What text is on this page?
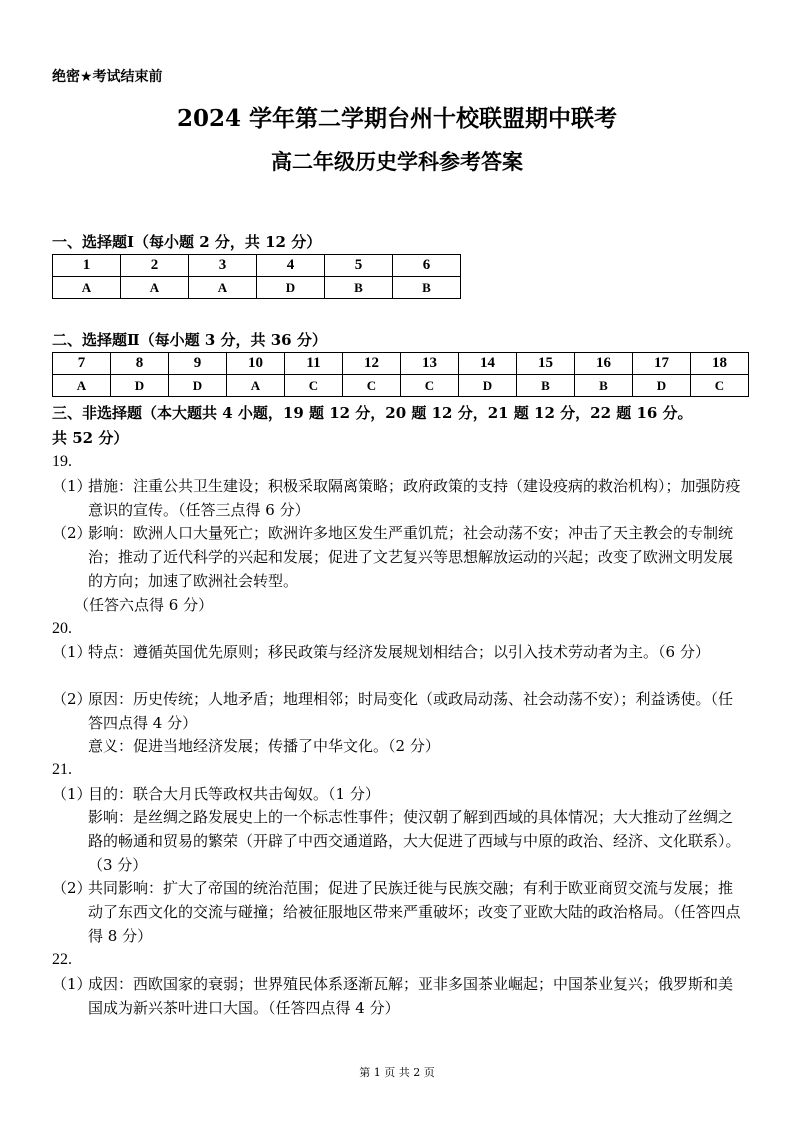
绝密★考试结束前
2024 学年第二学期台州十校联盟期中联考
高二年级历史学科参考答案
一、选择题Ⅰ（每小题 2 分，共 12 分）
1	2	3	4	5	6
A	A	A	D	B	B
二、选择题Ⅱ（每小题 3 分，共 36 分）
7	8	9	10	11	12	13	14	15	16	17	18
A	D	D	A	C	C	C	D	B	B	D	C
三、非选择题（本大题共 4 小题，19 题 12 分，20 题 12 分，21 题 12 分，22 题 16 分。
共 52 分）
19.
（1）
措施：注重公共卫生建设；积极采取隔离策略；政府政策的支持（建设疫病的救治机构）；加强防疫意识的宣传。（任答三点得 6 分）
（2）
影响：欧洲人口大量死亡；欧洲许多地区发生严重饥荒；社会动荡不安；冲击了天主教会的专制统治；推动了近代科学的兴起和发展；促进了文艺复兴等思想解放运动的兴起；改变了欧洲文明发展的方向；加速了欧洲社会转型。
（任答六点得 6 分）
20.
（1）
特点：遵循英国优先原则；移民政策与经济发展规划相结合；以引入技术劳动者为主。（6 分）
（2）
原因：历史传统；人地矛盾；地理相邻；时局变化（或政局动荡、社会动荡不安）；利益诱使。（任答四点得 4 分）
意义：促进当地经济发展；传播了中华文化。（2 分）
21.
（1）
目的：联合大月氏等政权共击匈奴。（1 分）
影响：是丝绸之路发展史上的一个标志性事件；使汉朝了解到西域的具体情况；大大推动了丝绸之路的畅通和贸易的繁荣（开辟了中西交通道路，大大促进了西域与中原的政治、经济、文化联系）。（3 分）
（2）
共同影响：扩大了帝国的统治范围；促进了民族迁徙与民族交融；有利于欧亚商贸交流与发展；推动了东西文化的交流与碰撞；给被征服地区带来严重破坏；改变了亚欧大陆的政治格局。（任答四点得 8 分）
22.
（1）
成因：西欧国家的衰弱；世界殖民体系逐渐瓦解；亚非多国茶业崛起；中国茶业复兴；俄罗斯和美国成为新兴茶叶进口大国。（任答四点得 4 分）
第 1 页 共 2 页
